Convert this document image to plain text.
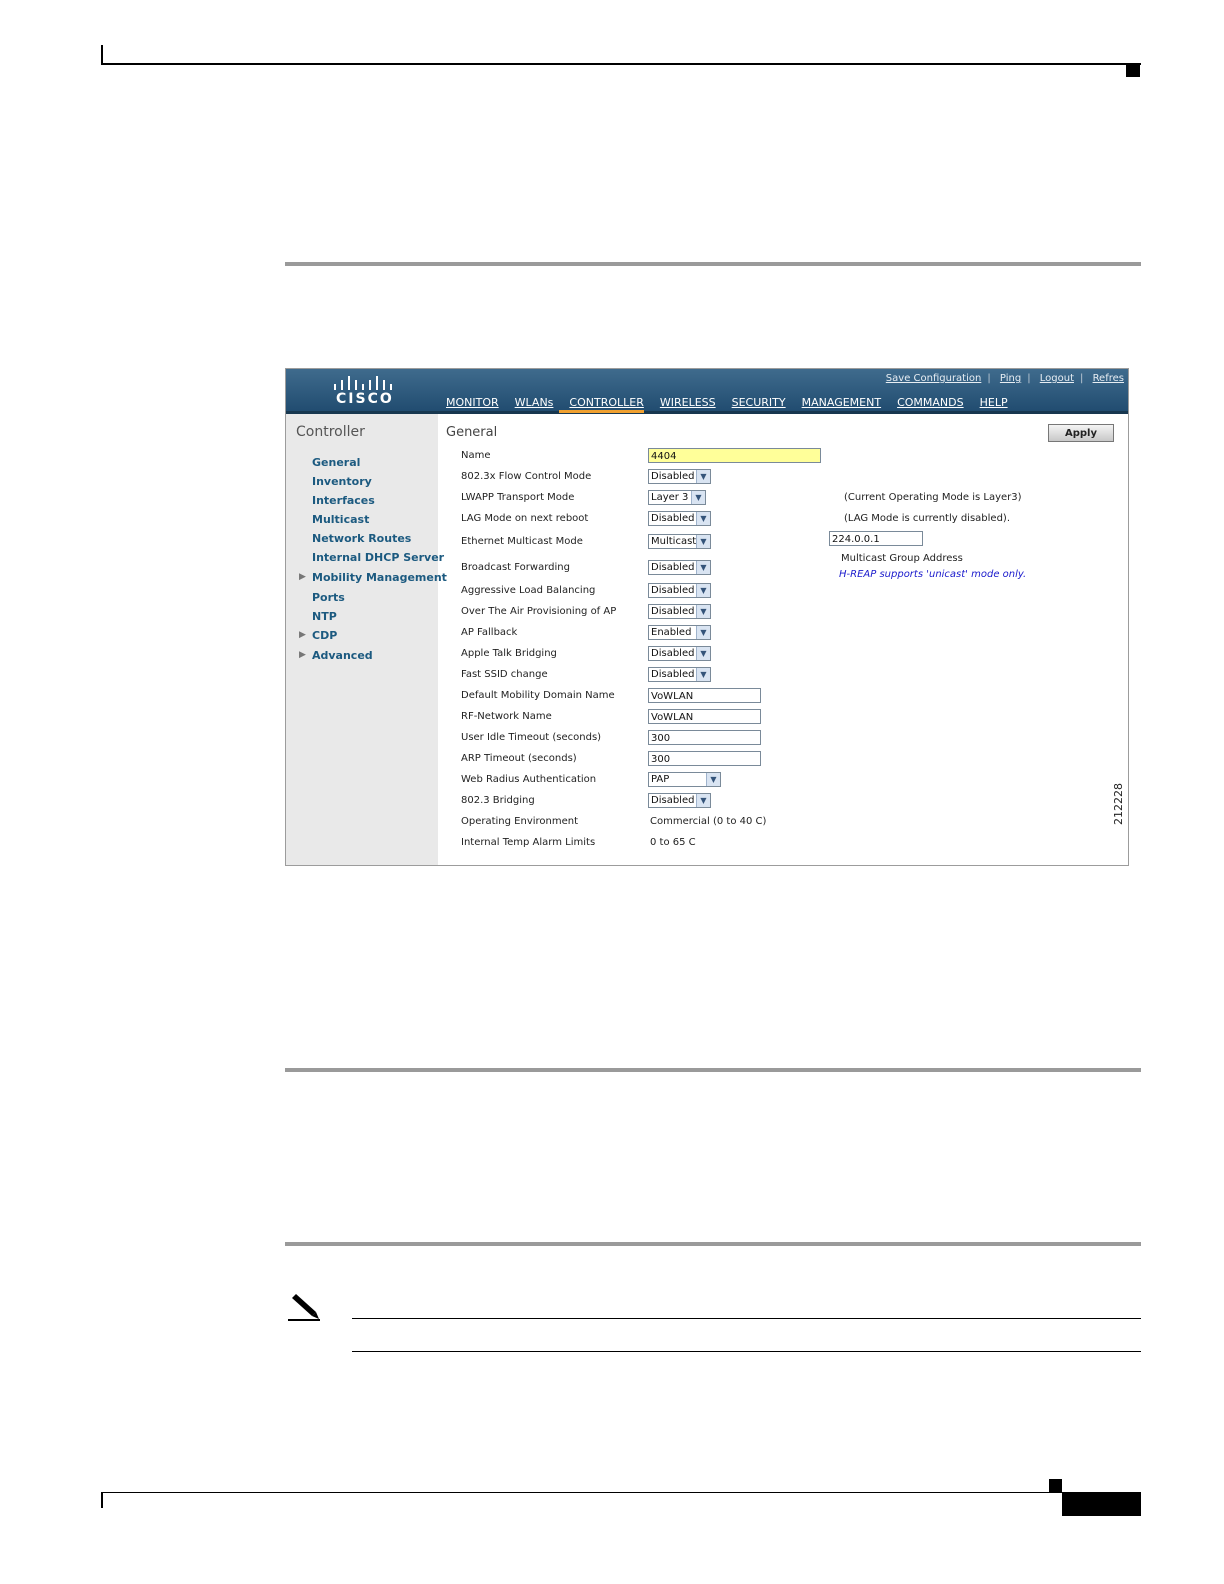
CISCO
Save Configuration | Ping | Logout | Refres
MONITOR WLANs CONTROLLER WIRELESS SECURITY MANAGEMENT COMMANDS HELP
Controller
General
Inventory
Interfaces
Multicast
Network Routes
Internal DHCP Server
▶ Mobility Management
Ports
NTP
▶ CDP
▶ Advanced
General	Apply
Name	4404
802.3x Flow Control Mode	Disabled ▼
LWAPP Transport Mode	Layer 3 ▼
LAG Mode on next reboot	Disabled ▼
Ethernet Multicast Mode	Multicast ▼
Broadcast Forwarding	Disabled ▼
Aggressive Load Balancing	Disabled ▼
Over The Air Provisioning of AP	Disabled ▼
AP Fallback	Enabled	▼
Apple Talk Bridging	Disabled ▼
Fast SSID change	Disabled ▼
Default Mobility Domain Name	VoWLAN
RF-Network Name	VoWLAN
User Idle Timeout (seconds)	300
ARP Timeout (seconds)	300
Web Radius Authentication	PAP	▼
802.3 Bridging	Disabled ▼
Operating Environment	Commercial (0 to 40 C)
Internal Temp Alarm Limits	0 to 65 C
(Current Operating Mode is Layer3)
(LAG Mode is currently disabled).
224.0.0.1
Multicast Group Address
H-REAP supports 'unicast' mode only.
212228
